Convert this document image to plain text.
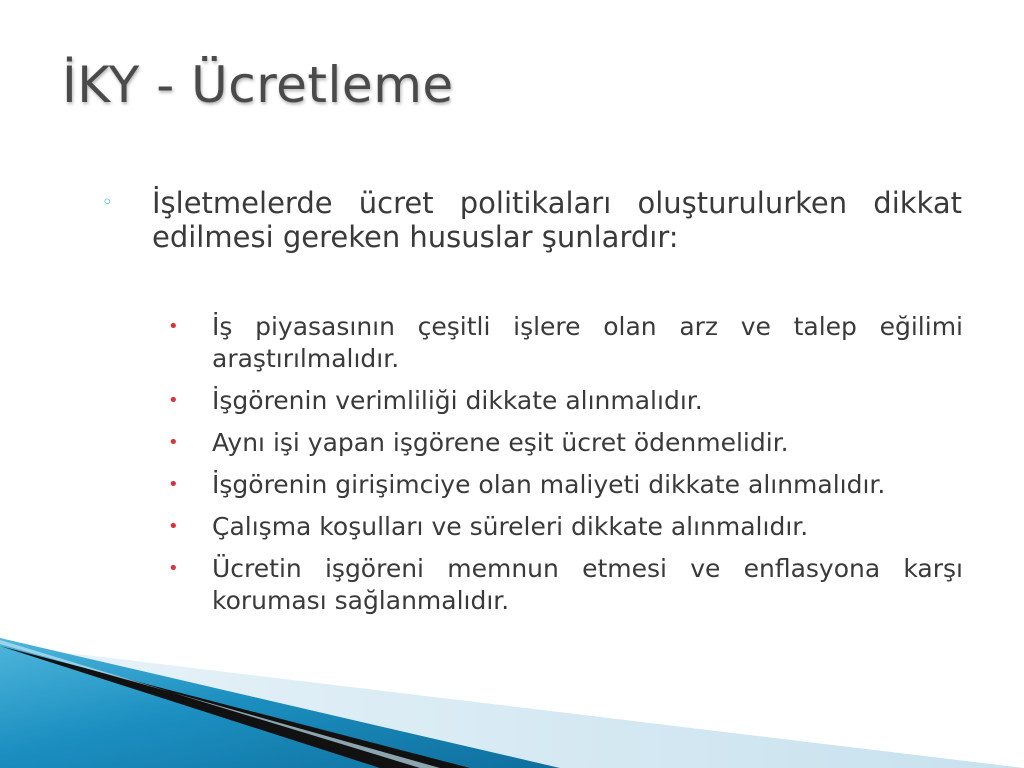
İKY - Ücretleme
◦	İşletmelerde ücret politikaları oluşturulurken dikkat edilmesi gereken hususlar şunlardır:
•	İş piyasasının çeşitli işlere olan arz ve talep eğilimi araştırılmalıdır.
•	İşgörenin verimliliği dikkate alınmalıdır.
•	Aynı işi yapan işgörene eşit ücret ödenmelidir.
•	İşgörenin girişimciye olan maliyeti dikkate alınmalıdır.
•	Çalışma koşulları ve süreleri dikkate alınmalıdır.
•	Ücretin işgöreni memnun etmesi ve enflasyona karşı koruması sağlanmalıdır.
